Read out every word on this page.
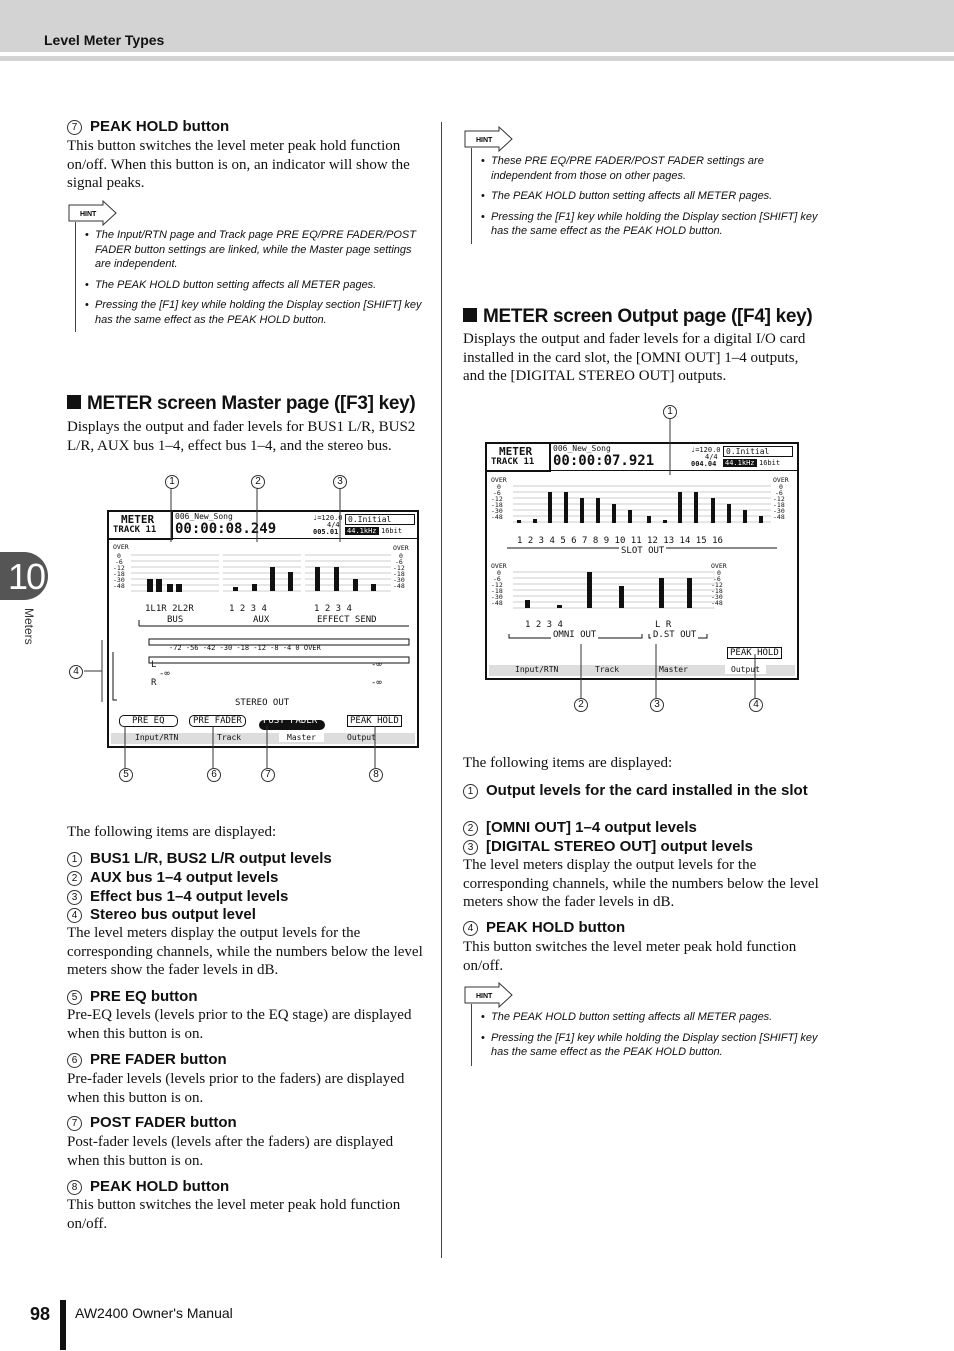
Level Meter Types
10
Meters
7 PEAK HOLD button
This button switches the level meter peak hold function on/off. When this button is on, an indicator will show the signal peaks.
HINT
• The Input/RTN page and Track page PRE EQ/PRE FADER/POST FADER button settings are linked, while the Master page settings are independent.
• The PEAK HOLD button setting affects all METER pages.
• Pressing the [F1] key while holding the Display section [SHIFT] key has the same effect as the PEAK HOLD button.
METER screen Master page ([F3] key)
Displays the output and fader levels for BUS1 L/R, BUS2 L/R, AUX bus 1–4, effect bus 1–4, and the stereo bus.
METER
TRACK 11
006_New_Song
00:00:08.249
♩=120.0
4/4
005.01
0.Initial
44.1kHz 16bit
OVER
0
-6
-12
-18
-30
-48
OVER
0
-6
-12
-18
-30
-48
1L1R 2L2R	1 2 3 4	1 2 3 4
BUS	AUX	EFFECT SEND
-72 -56 -42 -30 -18 -12 -8 -4 0 OVER
L
R
-∞
-∞
-∞
STEREO OUT
PRE EQ	PRE FADER	POST FADER	PEAK HOLD
Input/RTN	Track	Master	Output
1	2	3
4
5	6	7	8
The following items are displayed:
1 BUS1 L/R, BUS2 L/R output levels
2 AUX bus 1–4 output levels
3 Effect bus 1–4 output levels
4 Stereo bus output level
The level meters display the output levels for the corresponding channels, while the numbers below the level meters show the fader levels in dB.
5 PRE EQ button
Pre-EQ levels (levels prior to the EQ stage) are displayed when this button is on.
6 PRE FADER button
Pre-fader levels (levels prior to the faders) are displayed when this button is on.
7 POST FADER button
Post-fader levels (levels after the faders) are displayed when this button is on.
8 PEAK HOLD button
This button switches the level meter peak hold function on/off.
HINT
• These PRE EQ/PRE FADER/POST FADER settings are independent from those on other pages.
• The PEAK HOLD button setting affects all METER pages.
• Pressing the [F1] key while holding the Display section [SHIFT] key has the same effect as the PEAK HOLD button.
METER screen Output page ([F4] key)
Displays the output and fader levels for a digital I/O card installed in the card slot, the [OMNI OUT] 1–4 outputs, and the [DIGITAL STEREO OUT] outputs.
METER
TRACK 11
006_New_Song
00:00:07.921
♩=120.0
4/4
004.04
0.Initial
44.1kHz 16bit
OVER
0
-6
-12
-18
-30
-48
OVER
0
-6
-12
-18
-30
-48
1 2 3 4 5 6 7 8 9 10 11 12 13 14 15 16
SLOT OUT
OVER
0
-6
-12
-18
-30
-48
OVER
0
-6
-12
-18
-30
-48
1 2 3 4	L R
OMNI OUT	D.ST OUT
PEAK HOLD
Input/RTN	Track	Master	Output
1
2	3	4
The following items are displayed:
1 Output levels for the card installed in the slot
2 [OMNI OUT] 1–4 output levels
3 [DIGITAL STEREO OUT] output levels
The level meters display the output levels for the corresponding channels, while the numbers below the level meters show the fader levels in dB.
4 PEAK HOLD button
This button switches the level meter peak hold function on/off.
HINT
• The PEAK HOLD button setting affects all METER pages.
• Pressing the [F1] key while holding the Display section [SHIFT] key has the same effect as the PEAK HOLD button.
98 AW2400 Owner's Manual
